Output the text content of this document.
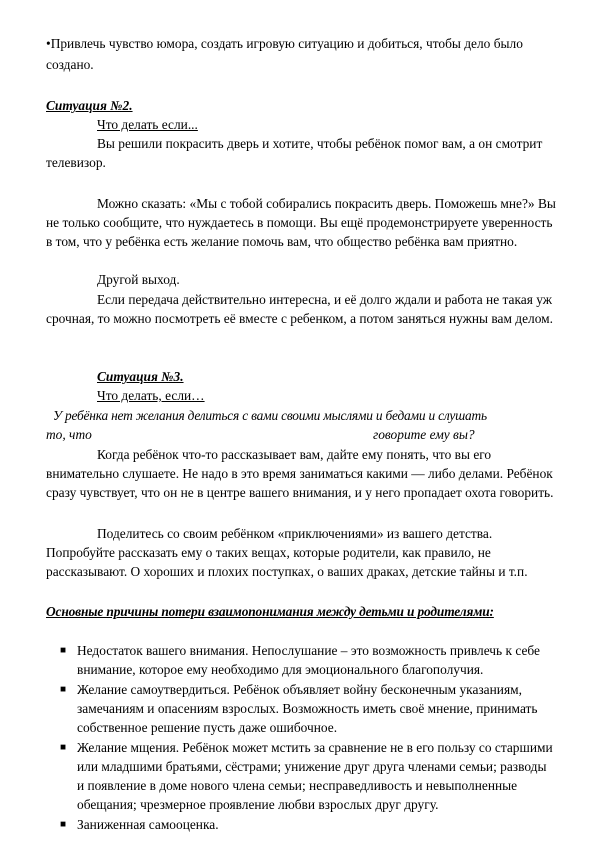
•Привлечь чувство юмора, создать игровую ситуацию и добиться, чтобы дело было

создано.

Ситуация №2.

Что делать если...

Вы решили покрасить дверь и хотите, чтобы ребёнок помог вам, а он смотрит телевизор.

Можно сказать: «Мы с тобой собирались покрасить дверь. Поможешь мне?» Вы не только сообщите, что нуждаетесь в помощи. Вы ещё продемонстрируете уверенность в том, что у ребёнка есть желание помочь вам, что общество ребёнка вам приятно.

Другой выход.

Если передача действительно интересна, и её долго ждали и работа не такая уж срочная, то можно посмотреть её вместе с ребенком, а потом заняться нужны вам делом.

Ситуация №3.

Что делать, если…

У ребёнка нет желания делиться с вами своими мыслями и бедами и слушать

то, что	говорите ему вы?

Когда ребёнок что-то рассказывает вам, дайте ему понять, что вы его внимательно слушаете. Не надо в это время заниматься какими — либо делами. Ребёнок сразу чувствует, что он не в центре вашего внимания, и у него пропадает охота говорить.

Поделитесь со своим ребёнком «приключениями» из вашего детства. Попробуйте рассказать ему о таких вещах, которые родители, как правило, не рассказывают. О хороших и плохих поступках, о ваших драках, детские тайны и т.п.

Основные причины потери взаимопонимания между детьми и родителями:

■ Недостаток вашего внимания. Непослушание – это возможность привлечь к себе внимание, которое ему необходимо для эмоционального благополучия.
■ Желание самоутвердиться. Ребёнок объявляет войну бесконечным указаниям, замечаниям и опасениям взрослых. Возможность иметь своё мнение, принимать собственное решение пусть даже ошибочное.
■ Желание мщения. Ребёнок может мстить за сравнение не в его пользу со старшими или младшими братьями, сёстрами; унижение друг друга членами семьи; разводы и появление в доме нового члена семьи; несправедливость и невыполненные обещания; чрезмерное проявление любви взрослых друг другу.
■ Заниженная самооценка.
